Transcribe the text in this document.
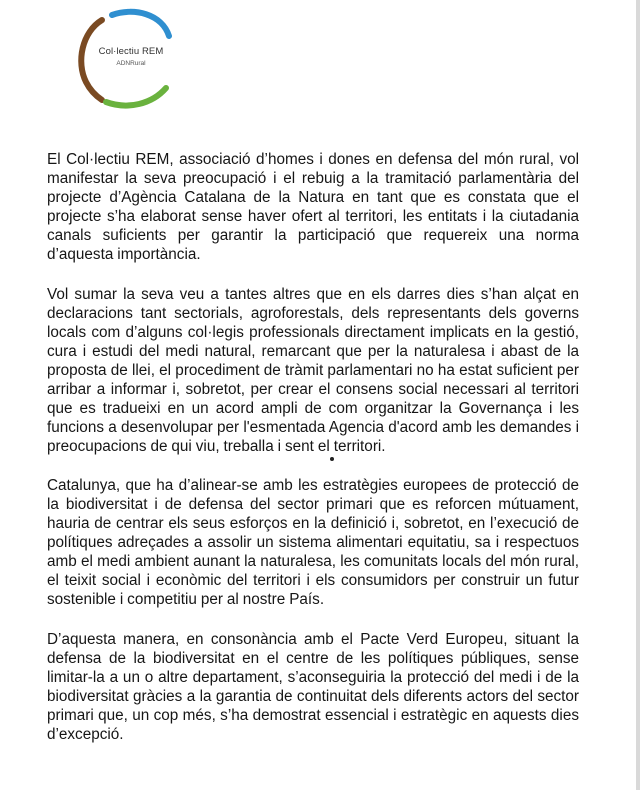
Col·lectiu REM
ADNRural

El Col·lectiu REM, associació d’homes i dones en defensa del món rural, vol manifestar la seva preocupació i el rebuig a la tramitació parlamentària del projecte d’Agència Catalana de la Natura en tant que es constata que el projecte s’ha elaborat sense haver ofert al territori, les entitats i la ciutadania canals suficients per garantir la participació que requereix una norma d’aquesta importància.

Vol sumar la seva veu a tantes altres que en els darres dies s’han alçat en declaracions tant sectorials, agroforestals, dels representants dels governs locals com d’alguns col·legis professionals directament implicats en la gestió, cura i estudi del medi natural, remarcant que per la naturalesa i abast de la proposta de llei, el procediment de tràmit parlamentari no ha estat suficient per arribar a informar i, sobretot, per crear el consens social necessari al territori que es tradueixi en un acord ampli de com organitzar la Governança i les funcions a desenvolupar per l'esmentada Agencia d'acord amb les demandes i preocupacions de qui viu, treballa i sent el territori.

Catalunya, que ha d’alinear-se amb les estratègies europees de protecció de la biodiversitat i de defensa del sector primari que es reforcen mútuament, hauria de centrar els seus esforços en la definició i, sobretot, en l’execució de polítiques adreçades a assolir un sistema alimentari equitatiu, sa i respectuos amb el medi ambient aunant la naturalesa, les comunitats locals del món rural, el teixit social i econòmic del territori i els consumidors per construir un futur sostenible i competitiu per al nostre País.

D’aquesta manera, en consonància amb el Pacte Verd Europeu, situant la defensa de la biodiversitat en el centre de les polítiques públiques, sense limitar-la a un o altre departament, s’aconseguiria la protecció del medi i de la biodiversitat gràcies a la garantia de continuitat dels diferents actors del sector primari que, un cop més, s’ha demostrat essencial i estratègic en aquests dies d’excepció.
